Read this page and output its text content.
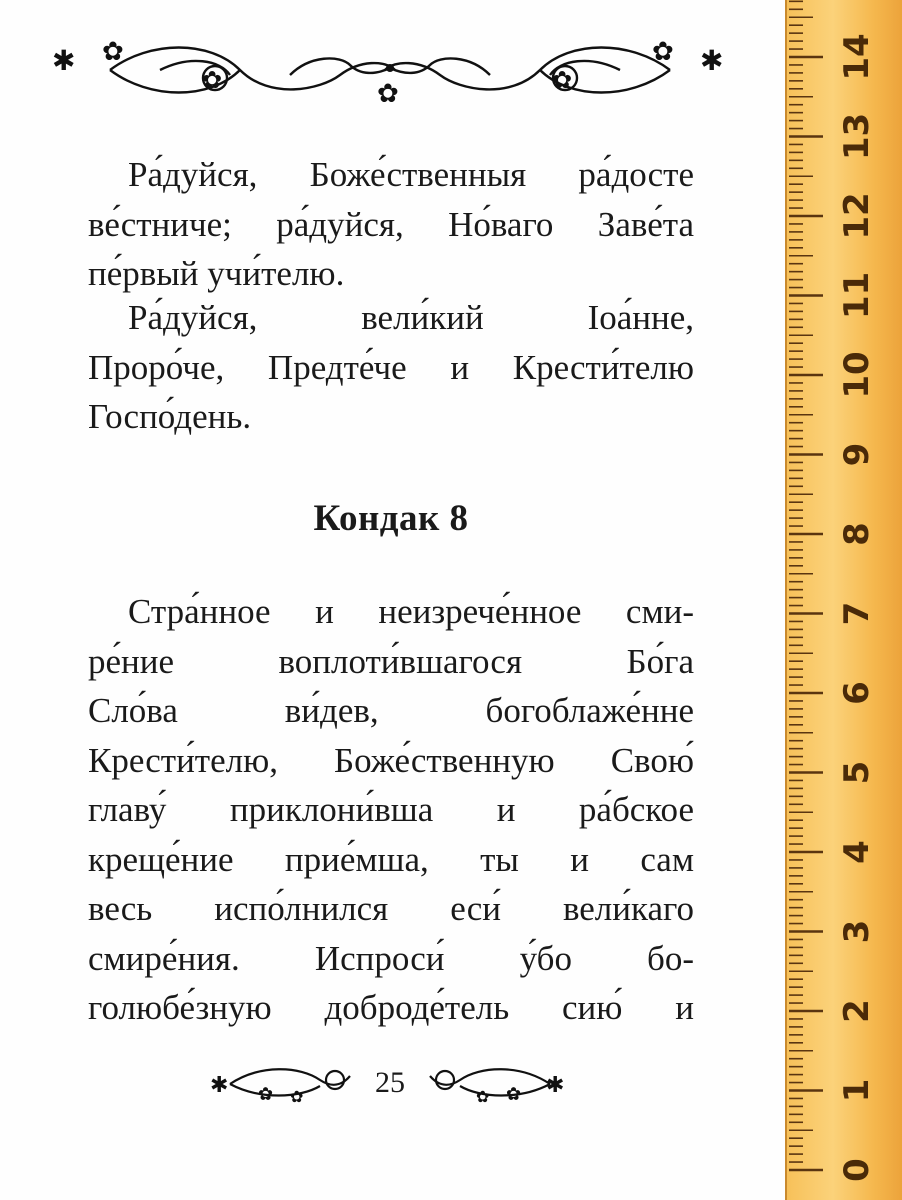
✱	✱
✿	✿
✿	✿
✿

Ра́дуйся, Боже́ственныя ра́досте
ве́стниче; ра́дуйся, Но́ваго Заве́та
пе́рвый учи́телю.

Ра́дуйся, вели́кий Ioа́нне,
Проро́че, Предте́че и Крести́телю
Госпо́день.

Кондак 8

Стра́нное и неизрече́нное сми-
ре́ние воплоти́вшагося Бо́га
Сло́ва ви́дев, богоблаже́нне
Крести́телю, Боже́ственную Свою́
главу́ приклони́вша и ра́бское
креще́ние прие́мша, ты и сам
весь испо́лнился еси́ вели́каго
смире́ния. Испроси́ у́бо бо-
голюбе́зную доброде́тель сию́ и

✱	✱
✿	✿
✿	✿
25
0
1
2
3
4
5
6
7
8
9
10
11
12
13
14
